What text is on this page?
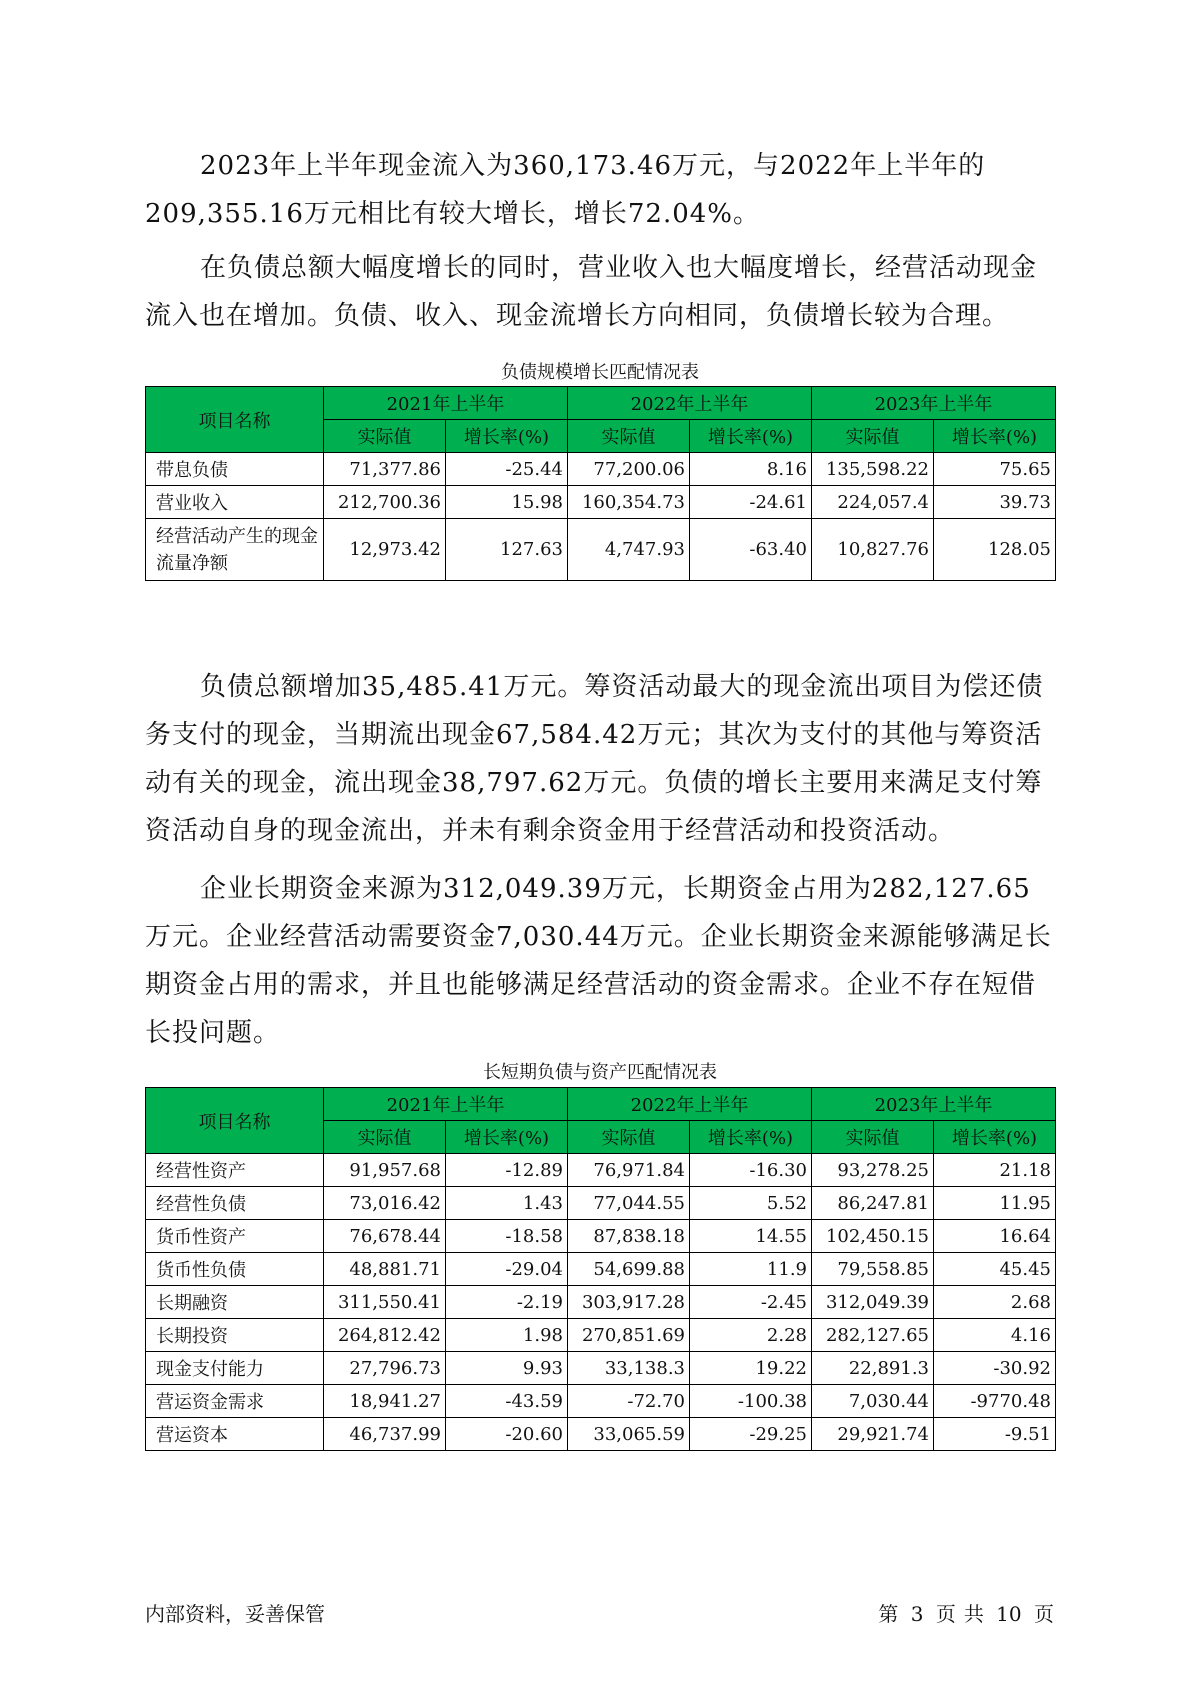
2023年上半年现金流入为360,173.46万元，与2022年上半年的209,355.16万元相比有较大增长，增长72.04%。

在负债总额大幅度增长的同时，营业收入也大幅度增长，经营活动现金流入也在增加。负债、收入、现金流增长方向相同，负债增长较为合理。

负债规模增长匹配情况表

项目名称	2021年上半年		2022年上半年		2023年上半年	
	实际值	增长率(%)	实际值	增长率(%)	实际值	增长率(%)
带息负债	71,377.86	-25.44	77,200.06	8.16	135,598.22	75.65
营业收入	212,700.36	15.98	160,354.73	-24.61	224,057.4	39.73
经营活动产生的现金流量净额	12,973.42	127.63	4,747.93	-63.40	10,827.76	128.05

负债总额增加35,485.41万元。筹资活动最大的现金流出项目为偿还债务支付的现金，当期流出现金67,584.42万元；其次为支付的其他与筹资活动有关的现金，流出现金38,797.62万元。负债的增长主要用来满足支付筹资活动自身的现金流出，并未有剩余资金用于经营活动和投资活动。

企业长期资金来源为312,049.39万元，长期资金占用为282,127.65万元。企业经营活动需要资金7,030.44万元。企业长期资金来源能够满足长期资金占用的需求，并且也能够满足经营活动的资金需求。企业不存在短借长投问题。

长短期负债与资产匹配情况表

项目名称	2021年上半年		2022年上半年		2023年上半年	
	实际值	增长率(%)	实际值	增长率(%)	实际值	增长率(%)
经营性资产	91,957.68	-12.89	76,971.84	-16.30	93,278.25	21.18
经营性负债	73,016.42	1.43	77,044.55	5.52	86,247.81	11.95
货币性资产	76,678.44	-18.58	87,838.18	14.55	102,450.15	16.64
货币性负债	48,881.71	-29.04	54,699.88	11.9	79,558.85	45.45
长期融资	311,550.41	-2.19	303,917.28	-2.45	312,049.39	2.68
长期投资	264,812.42	1.98	270,851.69	2.28	282,127.65	4.16
现金支付能力	27,796.73	9.93	33,138.3	19.22	22,891.3	-30.92
营运资金需求	18,941.27	-43.59	-72.70	-100.38	7,030.44	-9770.48
营运资本	46,737.99	-20.60	33,065.59	-29.25	29,921.74	-9.51
内部资料，妥善保管	第 3 页 共 10 页
